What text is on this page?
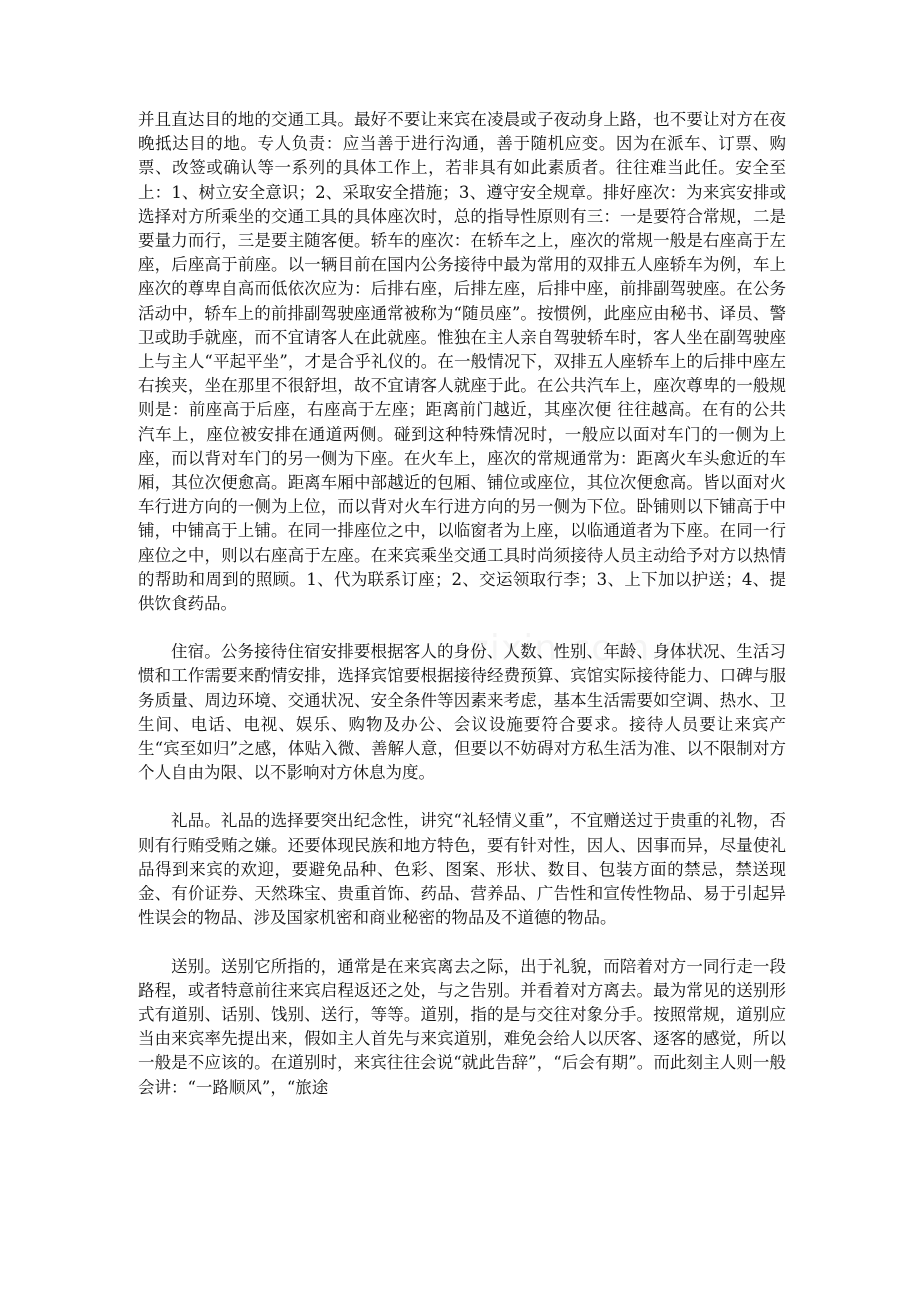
并且直达目的地的交通工具。最好不要让来宾在凌晨或子夜动身上路，也不要让对方在夜晚抵达目的地。专人负责：应当善于进行沟通，善于随机应变。因为在派车、订票、购票、改签或确认等一系列的具体工作上，若非具有如此素质者。往往难当此任。安全至上：1、树立安全意识；2、采取安全措施；3、遵守安全规章。排好座次：为来宾安排或选择对方所乘坐的交通工具的具体座次时，总的指导性原则有三：一是要符合常规，二是要量力而行，三是要主随客便。轿车的座次：在轿车之上，座次的常规一般是右座高于左座，后座高于前座。以一辆目前在国内公务接待中最为常用的双排五人座轿车为例，车上座次的尊卑自高而低依次应为：后排右座，后排左座，后排中座，前排副驾驶座。在公务活动中，轿车上的前排副驾驶座通常被称为“随员座”。按惯例，此座应由秘书、译员、警卫或助手就座，而不宜请客人在此就座。惟独在主人亲自驾驶轿车时，客人坐在副驾驶座上与主人“平起平坐”，才是合乎礼仪的。在一般情况下，双排五人座轿车上的后排中座左右挨夹，坐在那里不很舒坦，故不宜请客人就座于此。在公共汽车上，座次尊卑的一般规则是：前座高于后座，右座高于左座；距离前门越近，其座次便 往往越高。在有的公共汽车上，座位被安排在通道两侧。碰到这种特殊情况时，一般应以面对车门的一侧为上座，而以背对车门的另一侧为下座。在火车上，座次的常规通常为：距离火车头愈近的车厢，其位次便愈高。距离车厢中部越近的包厢、铺位或座位，其位次便愈高。皆以面对火车行进方向的一侧为上位，而以背对火车行进方向的另一侧为下位。卧铺则以下铺高于中铺，中铺高于上铺。在同一排座位之中，以临窗者为上座，以临通道者为下座。在同一行座位之中，则以右座高于左座。在来宾乘坐交通工具时尚须接待人员主动给予对方以热情的帮助和周到的照顾。1、代为联系订座；2、交运领取行李；3、上下加以护送；4、提供饮食药品。

住宿。公务接待住宿安排要根据客人的身份、人数、性别、年龄、身体状况、生活习惯和工作需要来酌情安排，选择宾馆要根据接待经费预算、宾馆实际接待能力、口碑与服务质量、周边环境、交通状况、安全条件等因素来考虑，基本生活需要如空调、热水、卫生间、电话、电视、娱乐、购物及办公、会议设施要符合要求。接待人员要让来宾产生“宾至如归”之感，体贴入微、善解人意，但要以不妨碍对方私生活为准、以不限制对方个人自由为限、以不影响对方休息为度。

礼品。礼品的选择要突出纪念性，讲究“礼轻情义重”，不宜赠送过于贵重的礼物，否则有行贿受贿之嫌。还要体现民族和地方特色，要有针对性，因人、因事而异，尽量使礼品得到来宾的欢迎，要避免品种、色彩、图案、形状、数目、包装方面的禁忌，禁送现金、有价证券、天然珠宝、贵重首饰、药品、营养品、广告性和宣传性物品、易于引起异性误会的物品、涉及国家机密和商业秘密的物品及不道德的物品。

送别。送别它所指的，通常是在来宾离去之际，出于礼貌，而陪着对方一同行走一段路程，或者特意前往来宾启程返还之处，与之告别。并看着对方离去。最为常见的送别形式有道别、话别、饯别、送行，等等。道别，指的是与交往对象分手。按照常规，道别应当由来宾率先提出来，假如主人首先与来宾道别，难免会给人以厌客、逐客的感觉，所以一般是不应该的。在道别时，来宾往往会说“就此告辞”，“后会有期”。而此刻主人则一般会讲：“一路顺风”，“旅途
